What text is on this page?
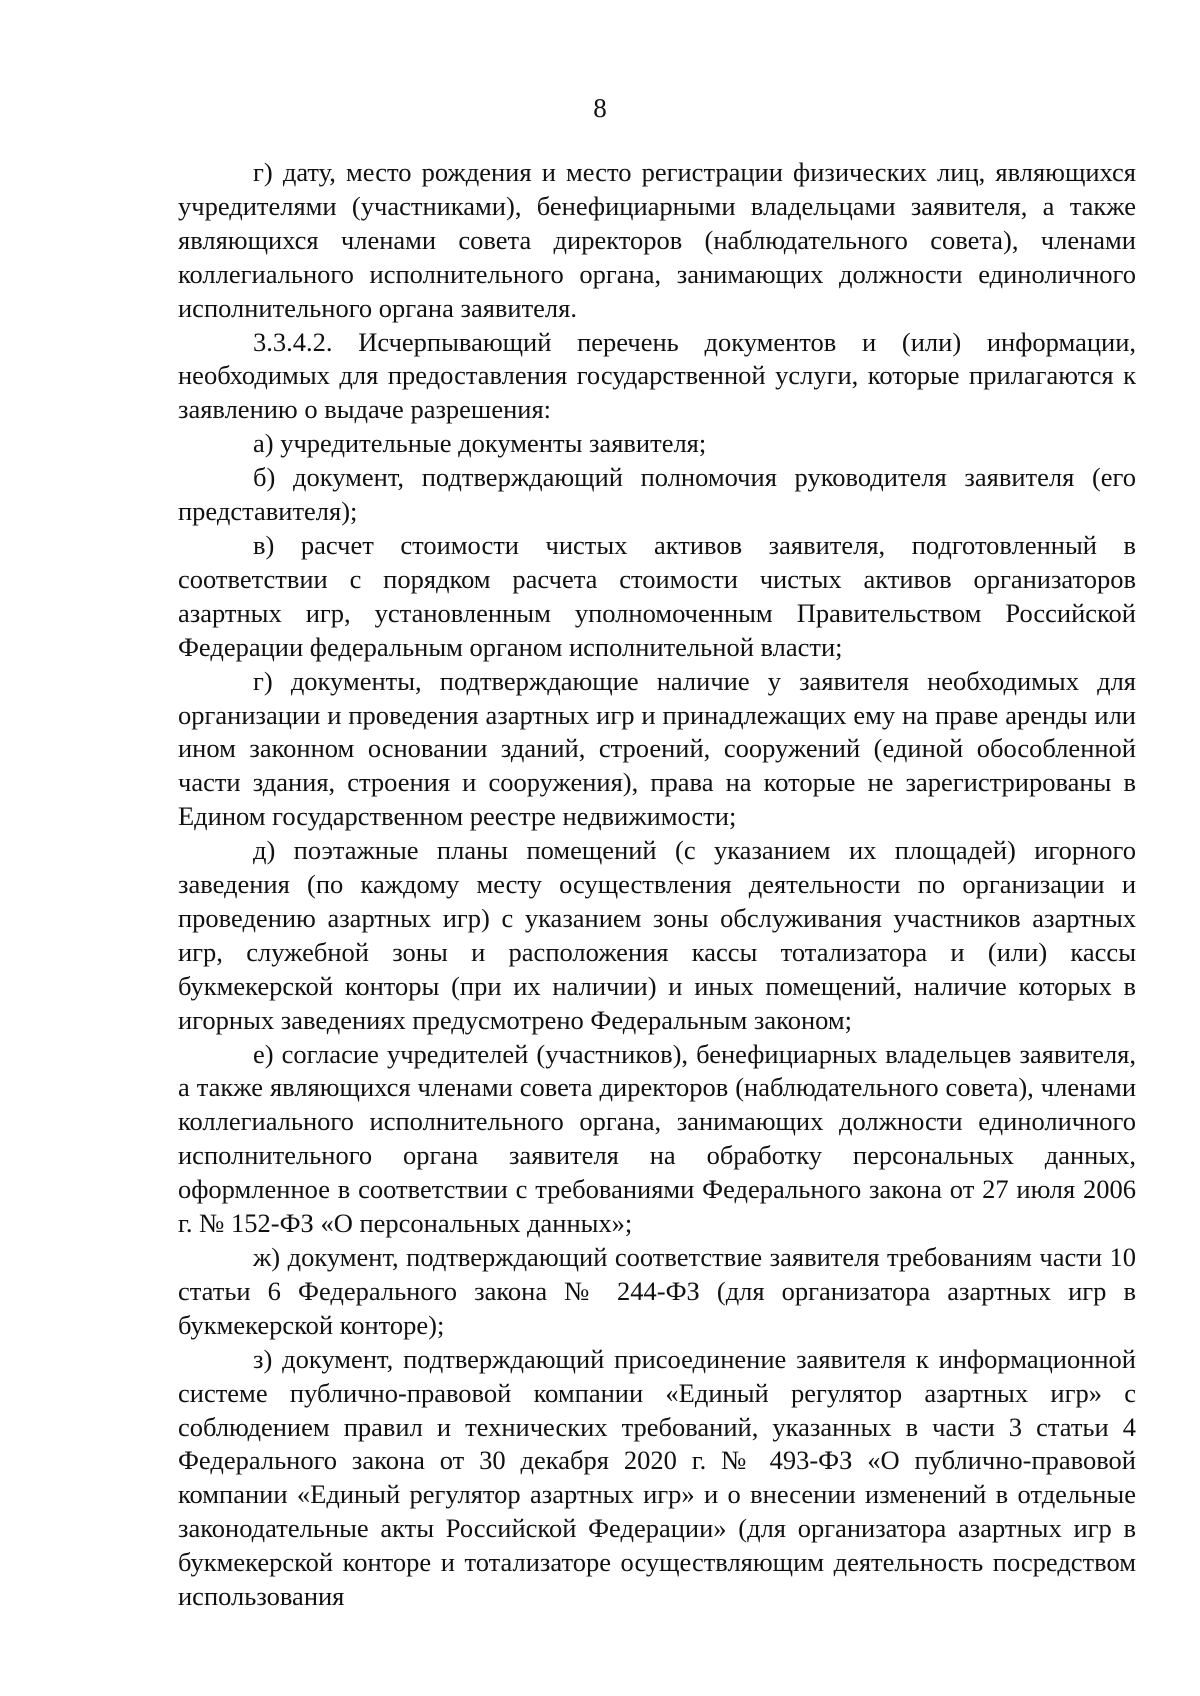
8

г) дату, место рождения и место регистрации физических лиц, являющихся учредителями (участниками), бенефициарными владельцами заявителя, а также являющихся членами совета директоров (наблюдательного совета), членами коллегиального исполнительного органа, занимающих должности единоличного исполнительного органа заявителя.

3.3.4.2. Исчерпывающий перечень документов и (или) информации, необходимых для предоставления государственной услуги, которые прилагаются к заявлению о выдаче разрешения:

а) учредительные документы заявителя;

б) документ, подтверждающий полномочия руководителя заявителя (его представителя);

в) расчет стоимости чистых активов заявителя, подготовленный в соответствии с порядком расчета стоимости чистых активов организаторов азартных игр, установленным уполномоченным Правительством Российской Федерации федеральным органом исполнительной власти;

г) документы, подтверждающие наличие у заявителя необходимых для организации и проведения азартных игр и принадлежащих ему на праве аренды или ином законном основании зданий, строений, сооружений (единой обособленной части здания, строения и сооружения), права на которые не зарегистрированы в Едином государственном реестре недвижимости;

д) поэтажные планы помещений (с указанием их площадей) игорного заведения (по каждому месту осуществления деятельности по организации и проведению азартных игр) с указанием зоны обслуживания участников азартных игр, служебной зоны и расположения кассы тотализатора и (или) кассы букмекерской конторы (при их наличии) и иных помещений, наличие которых в игорных заведениях предусмотрено Федеральным законом;

е) согласие учредителей (участников), бенефициарных владельцев заявителя, а также являющихся членами совета директоров (наблюдательного совета), членами коллегиального исполнительного органа, занимающих должности единоличного исполнительного органа заявителя на обработку персональных данных, оформленное в соответствии с требованиями Федерального закона от 27 июля 2006 г. № 152-ФЗ «О персональных данных»;

ж) документ, подтверждающий соответствие заявителя требованиям части 10 статьи 6 Федерального закона № 244-ФЗ (для организатора азартных игр в букмекерской конторе);

з) документ, подтверждающий присоединение заявителя к информационной системе публично-правовой компании «Единый регулятор азартных игр» с соблюдением правил и технических требований, указанных в части 3 статьи 4 Федерального закона от 30 декабря 2020 г. № 493-ФЗ «О публично-правовой компании «Единый регулятор азартных игр» и о внесении изменений в отдельные законодательные акты Российской Федерации» (для организатора азартных игр в букмекерской конторе и тотализаторе осуществляющим деятельность посредством использования
